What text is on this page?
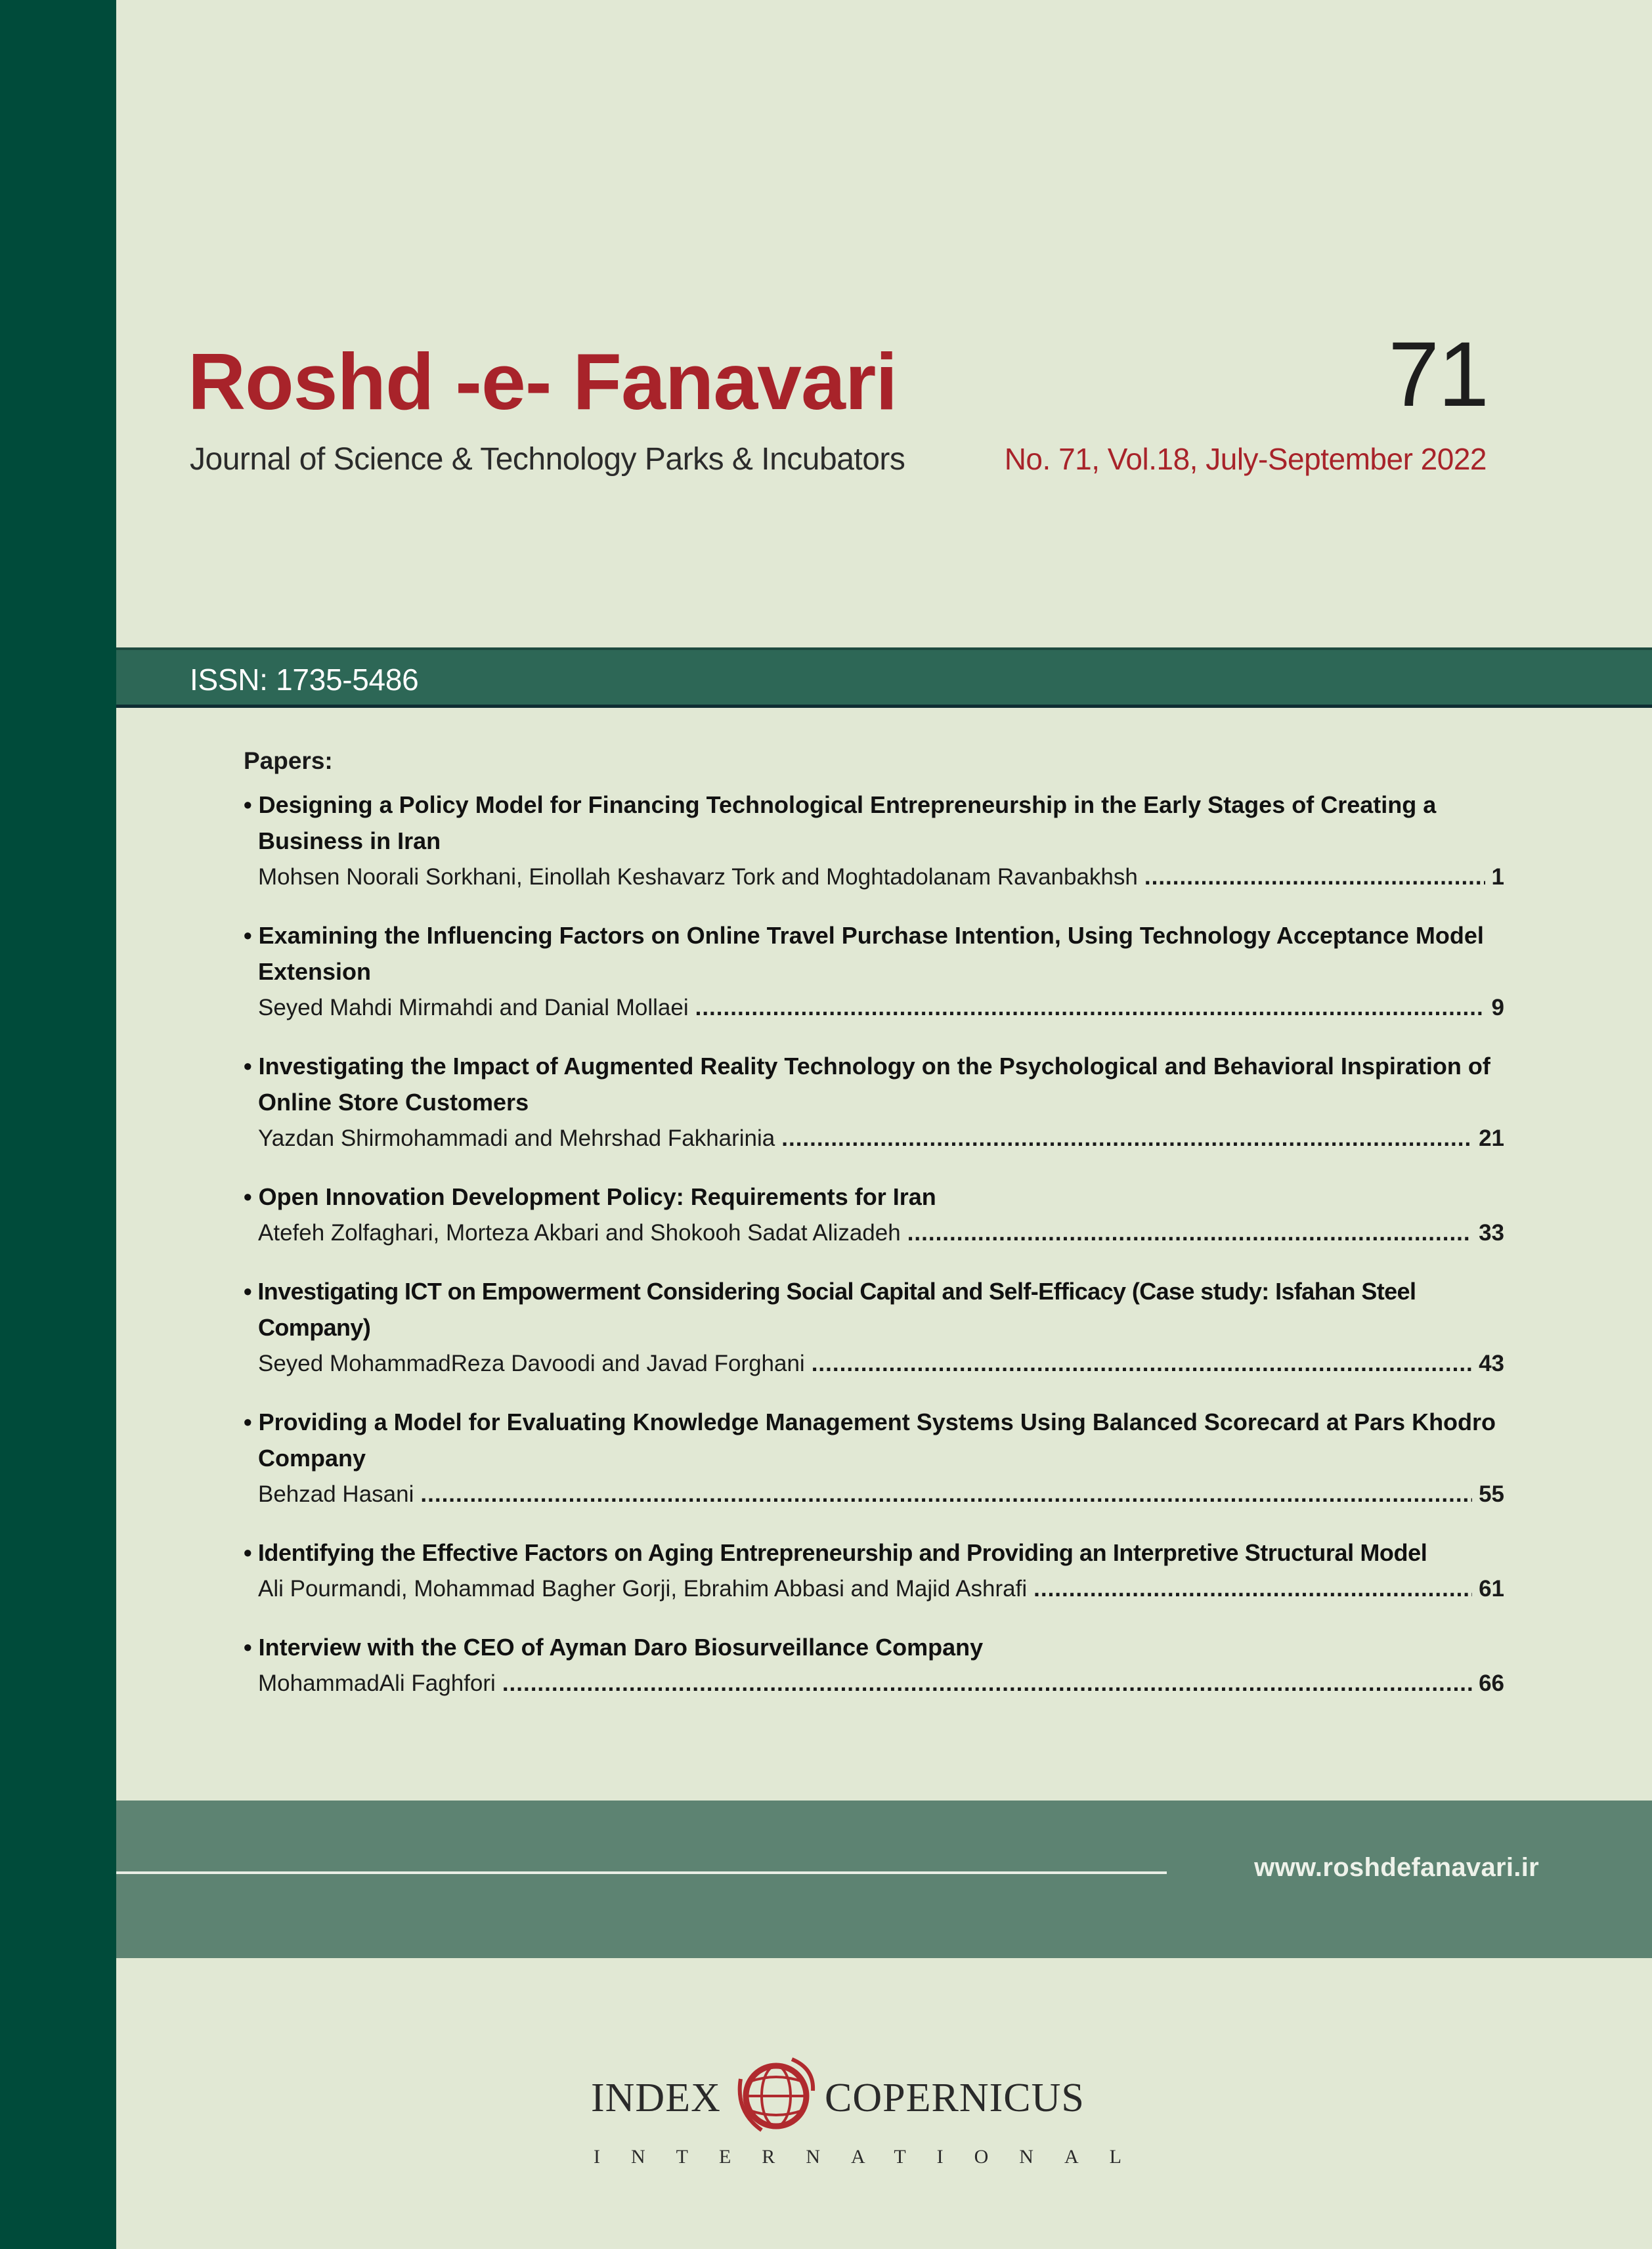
Roshd -e- Fanavari
Journal of Science & Technology Parks & Incubators
71
No. 71, Vol.18, July-September 2022
ISSN: 1735-5486
Papers:
• Designing a Policy Model for Financing Technological Entrepreneurship in the Early Stages of Creating a Business in Iran
Mohsen Noorali Sorkhani, Einollah Keshavarz Tork and Moghtadolanam Ravanbakhsh .....	1
• Examining the Influencing Factors on Online Travel Purchase Intention, Using Technology Acceptance Model Extension
Seyed Mahdi Mirmahdi and Danial Mollaei .....	9
• Investigating the Impact of Augmented Reality Technology on the Psychological and Behavioral Inspiration of Online Store Customers
Yazdan Shirmohammadi and Mehrshad Fakharinia .....	21
• Open Innovation Development Policy: Requirements for Iran
Atefeh Zolfaghari, Morteza Akbari and Shokooh Sadat Alizadeh .....	33
• Investigating ICT on Empowerment Considering Social Capital and Self-Efficacy (Case study: Isfahan Steel Company)
Seyed MohammadReza Davoodi and Javad Forghani .....	43
• Providing a Model for Evaluating Knowledge Management Systems Using Balanced Scorecard at Pars Khodro Company
Behzad Hasani .....	55
• Identifying the Effective Factors on Aging Entrepreneurship and Providing an Interpretive Structural Model
Ali Pourmandi, Mohammad Bagher Gorji, Ebrahim Abbasi and Majid Ashrafi .....	61
• Interview with the CEO of Ayman Daro Biosurveillance Company
MohammadAli Faghfori .....	66
www.roshdefanavari.ir
INDEX	COPERNICUS
INTERNATIONAL
